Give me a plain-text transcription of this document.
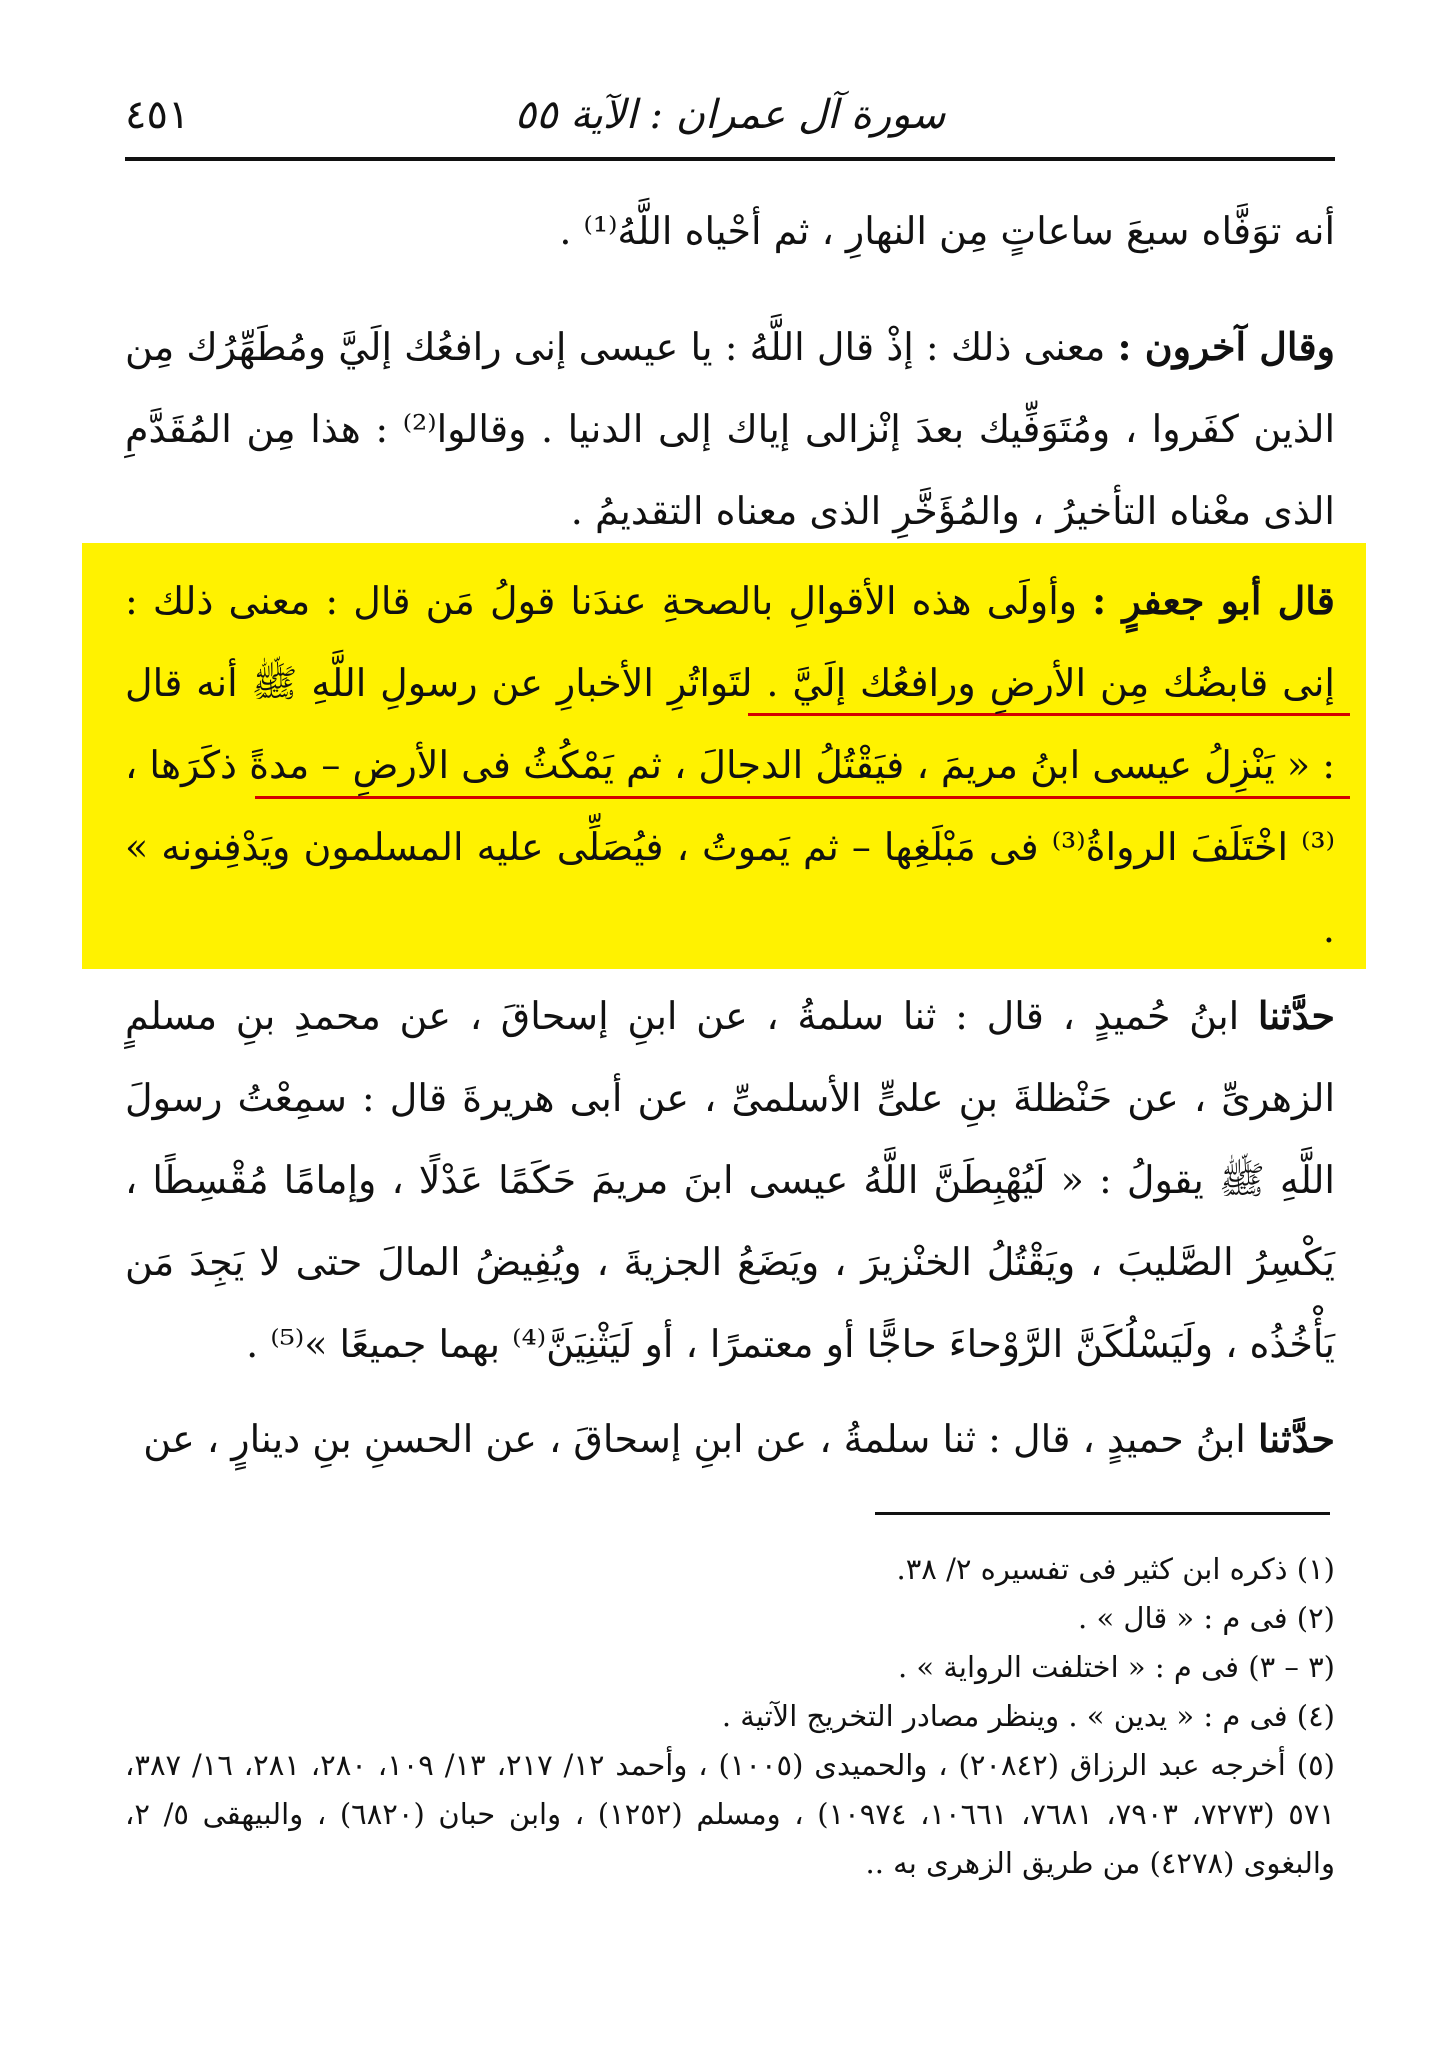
سورة آل عمران : الآية ٥٥
٤٥١

أنه توَفَّاه سبعَ ساعاتٍ مِن النهارِ ، ثم أحْياه اللَّهُ⁽¹⁾ .

وقال آخرون : معنى ذلك : إذْ قال اللَّهُ : يا عيسى إنى رافعُك إلَيَّ ومُطَهِّرُك مِن الذين كفَروا ، ومُتَوَفِّيك بعدَ إنْزالى إياك إلى الدنيا . وقالوا⁽²⁾ : هذا مِن المُقَدَّمِ الذى معْناه التأخيرُ ، والمُؤَخَّرِ الذى معناه التقديمُ .

قال أبو جعفرٍ : وأولَى هذه الأقوالِ بالصحةِ عندَنا قولُ مَن قال : معنى ذلك : إنى قابضُك مِن الأرضِ ورافعُك إلَيَّ . لتَواتُرِ الأخبارِ عن رسولِ اللَّهِ ﷺ أنه قال : « يَنْزِلُ عيسى ابنُ مريمَ ، فيَقْتُلُ الدجالَ ، ثم يَمْكُثُ فى الأرضِ – مدةً ذكَرَها ، ⁽³⁾ اخْتَلَفَ الرواةُ⁽³⁾ فى مَبْلَغِها – ثم يَموتُ ، فيُصَلِّى عليه المسلمون ويَدْفِنونه » .

حدَّثنا ابنُ حُميدٍ ، قال : ثنا سلمةُ ، عن ابنِ إسحاقَ ، عن محمدِ بنِ مسلمٍ الزهرىِّ ، عن حَنْظلةَ بنِ علىٍّ الأسلمىِّ ، عن أبى هريرةَ قال : سمِعْتُ رسولَ اللَّهِ ﷺ يقولُ : « لَيُهْبِطَنَّ اللَّهُ عيسى ابنَ مريمَ حَكَمًا عَدْلًا ، وإمامًا مُقْسِطًا ، يَكْسِرُ الصَّليبَ ، ويَقْتُلُ الخنْزيرَ ، ويَضَعُ الجزيةَ ، ويُفِيضُ المالَ حتى لا يَجِدَ مَن يَأْخُذُه ، ولَيَسْلُكَنَّ الرَّوْحاءَ حاجًّا أو معتمرًا ، أو لَيَثْنِيَنَّ⁽⁴⁾ بهما جميعًا »⁽⁵⁾ .

حدَّثنا ابنُ حميدٍ ، قال : ثنا سلمةُ ، عن ابنِ إسحاقَ ، عن الحسنِ بنِ دينارٍ ، عن

(١) ذكره ابن كثير فى تفسيره ٢/ ٣٨.
(٢) فى م : « قال » .
(٣ – ٣) فى م : « اختلفت الرواية » .
(٤) فى م : « يدين » . وينظر مصادر التخريج الآتية .
(٥) أخرجه عبد الرزاق (٢٠٨٤٢) ، والحميدى (١٠٠٥) ، وأحمد ١٢/ ٢١٧، ١٣/ ١٠٩، ٢٨٠، ٢٨١، ١٦/ ٣٨٧، ٥٧١ (٧٢٧٣، ٧٩٠٣، ٧٦٨١، ١٠٦٦١، ١٠٩٧٤) ، ومسلم (١٢٥٢) ، وابن حبان (٦٨٢٠) ، والبيهقى ٥/ ٢، والبغوى (٤٢٧٨) من طريق الزهرى به ..
